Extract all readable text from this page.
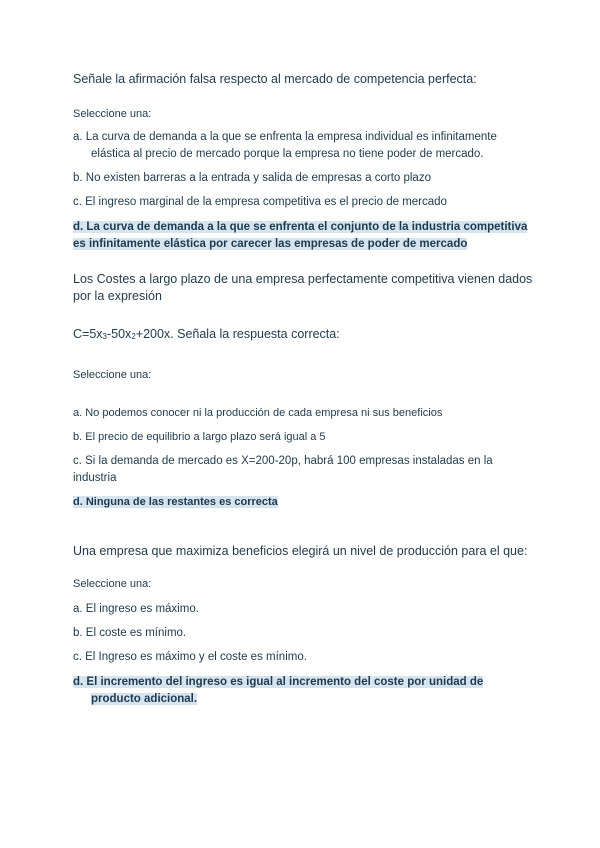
Señale la afirmación falsa respecto al mercado de competencia perfecta:
Seleccione una:
a. La curva de demanda a la que se enfrenta la empresa individual es infinitamente
elástica al precio de mercado porque la empresa no tiene poder de mercado.
b. No existen barreras a la entrada y salida de empresas a corto plazo
c. El ingreso marginal de la empresa competitiva es el precio de mercado
d. La curva de demanda a la que se enfrenta el conjunto de la industria competitiva
es infinitamente elástica por carecer las empresas de poder de mercado
Los Costes a largo plazo de una empresa perfectamente competitiva vienen dados
por la expresión
C=5x3-50x2+200x. Señala la respuesta correcta:
Seleccione una:
a. No podemos conocer ni la producción de cada empresa ni sus beneficios
b. El precio de equilibrio a largo plazo será igual a 5
c. Si la demanda de mercado es X=200-20p, habrá 100 empresas instaladas en la
industria
d. Ninguna de las restantes es correcta
Una empresa que maximiza beneficios elegirá un nivel de producción para el que:
Seleccione una:
a. El ingreso es máximo.
b. El coste es mínimo.
c. El Ingreso es máximo y el coste es mínimo.
d. El incremento del ingreso es igual al incremento del coste por unidad de
producto adicional.
